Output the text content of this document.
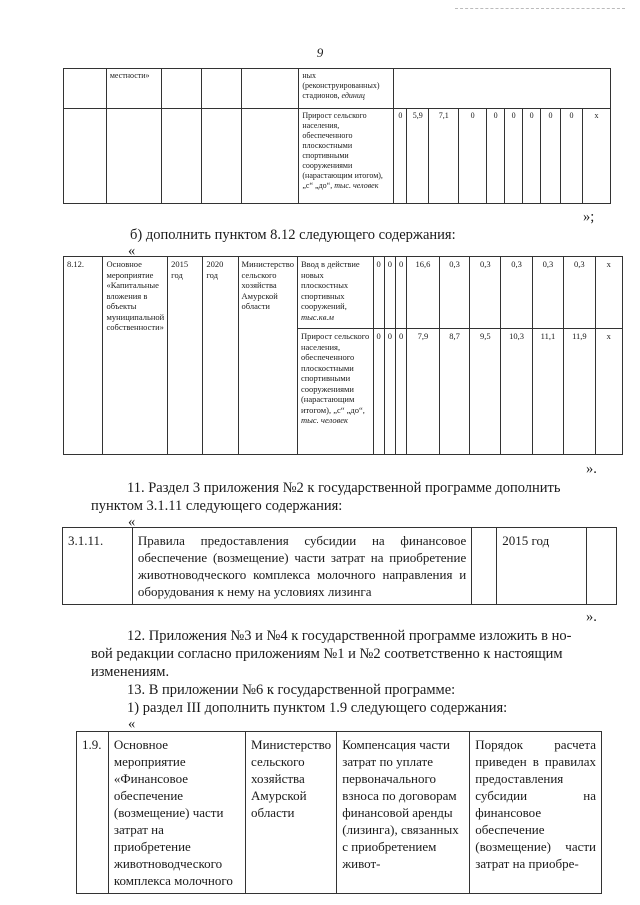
9
	местности»				ных (реконструированных) стадионов, единиц										
					Прирост сельского населения, обеспеченного плоскостными спортивными сооружениями (нарастающим итогом), „с“ „до“, тыс. человек	0	5,9	7,1	0	0	0	0	0	0	х
»;
б) дополнить пунктом 8.12 следующего содержания:
«
8.12.	Основное мероприятие «Капитальные вложения в объекты муниципальной собственности»	2015 год	2020 год	Министерство сельского хозяйства Амурской области	Ввод в действие новых плоскостных спортивных сооружений, тыс.кв.м	0	0	0	16,6	0,3	0,3	0,3	0,3	0,3	х
					Прирост сельского населения, обеспеченного плоскостными спортивными сооружениями (нарастающим итогом), „с“ „до“, тыс. человек	0	0	0	7,9	8,7	9,5	10,3	11,1	11,9	х
».
11. Раздел 3 приложения №2 к государственной программе дополнить
пунктом 3.1.11 следующего содержания:
«
3.1.11.	Правила предоставления субсидии на финансовое обеспечение (возмещение) части затрат на приобретение животноводческого комплекса молочного направления и оборудования к нему на условиях лизинга		2015 год	
».
12. Приложения №3 и №4 к государственной программе изложить в но-
вой редакции согласно приложениям №1 и №2 соответственно к настоящим
изменениям.
13. В приложении №6 к государственной программе:
1) раздел III дополнить пунктом 1.9 следующего содержания:
«
1.9.	Основное мероприятие «Финансовое обеспечение (возмещение) части затрат на приобретение животноводческого комплекса молочного	Министерство сельского хозяйства Амурской области	Компенсация части затрат по уплате первоначального взноса по договорам финансовой аренды (лизинга), связанных с приобретением живот-	Порядок расчета приведен в правилах предоставления субсидии на финансовое обеспечение (возмещение) части затрат на приобре-
